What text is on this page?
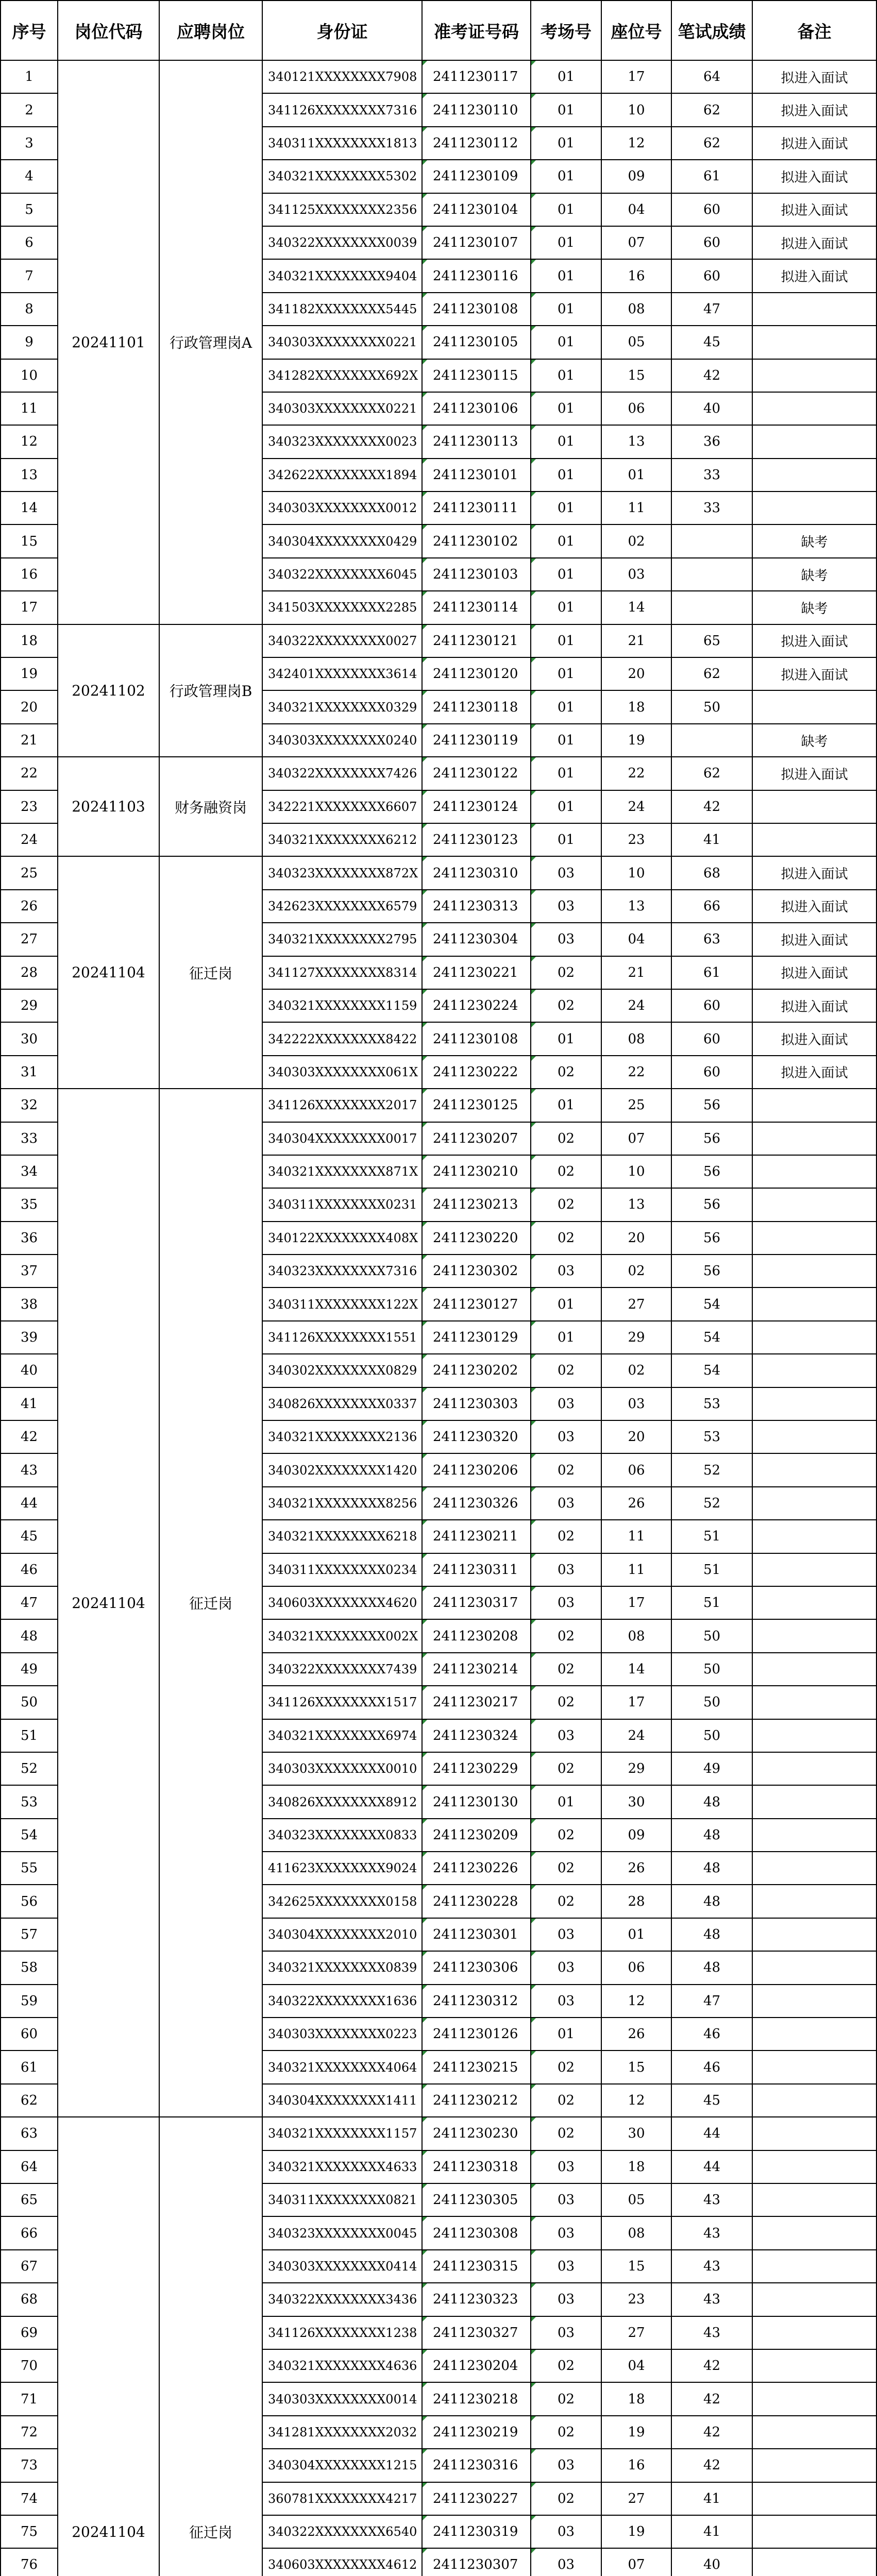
序号	岗位代码	应聘岗位	身份证	准考证号码	考场号	座位号	笔试成绩	备注
1	20241101	行政管理岗A	340121XXXXXXXX7908	2411230117	01	17	64	拟进入面试
2			341126XXXXXXXX7316	2411230110	01	10	62	拟进入面试
3			340311XXXXXXXX1813	2411230112	01	12	62	拟进入面试
4			340321XXXXXXXX5302	2411230109	01	09	61	拟进入面试
5			341125XXXXXXXX2356	2411230104	01	04	60	拟进入面试
6			340322XXXXXXXX0039	2411230107	01	07	60	拟进入面试
7			340321XXXXXXXX9404	2411230116	01	16	60	拟进入面试
8			341182XXXXXXXX5445	2411230108	01	08	47	
9			340303XXXXXXXX0221	2411230105	01	05	45	
10			341282XXXXXXXX692X	2411230115	01	15	42	
11			340303XXXXXXXX0221	2411230106	01	06	40	
12			340323XXXXXXXX0023	2411230113	01	13	36	
13			342622XXXXXXXX1894	2411230101	01	01	33	
14			340303XXXXXXXX0012	2411230111	01	11	33	
15			340304XXXXXXXX0429	2411230102	01	02		缺考
16			340322XXXXXXXX6045	2411230103	01	03		缺考
17			341503XXXXXXXX2285	2411230114	01	14		缺考
18	20241102	行政管理岗B	340322XXXXXXXX0027	2411230121	01	21	65	拟进入面试
19			342401XXXXXXXX3614	2411230120	01	20	62	拟进入面试
20			340321XXXXXXXX0329	2411230118	01	18	50	
21			340303XXXXXXXX0240	2411230119	01	19		缺考
22	20241103	财务融资岗	340322XXXXXXXX7426	2411230122	01	22	62	拟进入面试
23			342221XXXXXXXX6607	2411230124	01	24	42	
24			340321XXXXXXXX6212	2411230123	01	23	41	
25	20241104	征迁岗	340323XXXXXXXX872X	2411230310	03	10	68	拟进入面试
26			342623XXXXXXXX6579	2411230313	03	13	66	拟进入面试
27			340321XXXXXXXX2795	2411230304	03	04	63	拟进入面试
28			341127XXXXXXXX8314	2411230221	02	21	61	拟进入面试
29			340321XXXXXXXX1159	2411230224	02	24	60	拟进入面试
30			342222XXXXXXXX8422	2411230108	01	08	60	拟进入面试
31			340303XXXXXXXX061X	2411230222	02	22	60	拟进入面试
32	20241104	征迁岗	341126XXXXXXXX2017	2411230125	01	25	56	
33			340304XXXXXXXX0017	2411230207	02	07	56	
34			340321XXXXXXXX871X	2411230210	02	10	56	
35			340311XXXXXXXX0231	2411230213	02	13	56	
36			340122XXXXXXXX408X	2411230220	02	20	56	
37			340323XXXXXXXX7316	2411230302	03	02	56	
38			340311XXXXXXXX122X	2411230127	01	27	54	
39			341126XXXXXXXX1551	2411230129	01	29	54	
40			340302XXXXXXXX0829	2411230202	02	02	54	
41			340826XXXXXXXX0337	2411230303	03	03	53	
42			340321XXXXXXXX2136	2411230320	03	20	53	
43			340302XXXXXXXX1420	2411230206	02	06	52	
44			340321XXXXXXXX8256	2411230326	03	26	52	
45			340321XXXXXXXX6218	2411230211	02	11	51	
46			340311XXXXXXXX0234	2411230311	03	11	51	
47			340603XXXXXXXX4620	2411230317	03	17	51	
48			340321XXXXXXXX002X	2411230208	02	08	50	
49			340322XXXXXXXX7439	2411230214	02	14	50	
50			341126XXXXXXXX1517	2411230217	02	17	50	
51			340321XXXXXXXX6974	2411230324	03	24	50	
52			340303XXXXXXXX0010	2411230229	02	29	49	
53			340826XXXXXXXX8912	2411230130	01	30	48	
54			340323XXXXXXXX0833	2411230209	02	09	48	
55			411623XXXXXXXX9024	2411230226	02	26	48	
56			342625XXXXXXXX0158	2411230228	02	28	48	
57			340304XXXXXXXX2010	2411230301	03	01	48	
58			340321XXXXXXXX0839	2411230306	03	06	48	
59			340322XXXXXXXX1636	2411230312	03	12	47	
60			340303XXXXXXXX0223	2411230126	01	26	46	
61			340321XXXXXXXX4064	2411230215	02	15	46	
62			340304XXXXXXXX1411	2411230212	02	12	45	
63	20241104	征迁岗	340321XXXXXXXX1157	2411230230	02	30	44	
64			340321XXXXXXXX4633	2411230318	03	18	44	
65			340311XXXXXXXX0821	2411230305	03	05	43	
66			340323XXXXXXXX0045	2411230308	03	08	43	
67			340303XXXXXXXX0414	2411230315	03	15	43	
68			340322XXXXXXXX3436	2411230323	03	23	43	
69			341126XXXXXXXX1238	2411230327	03	27	43	
70			340321XXXXXXXX4636	2411230204	02	04	42	
71			340303XXXXXXXX0014	2411230218	02	18	42	
72			341281XXXXXXXX2032	2411230219	02	19	42	
73			340304XXXXXXXX1215	2411230316	03	16	42	
74			360781XXXXXXXX4217	2411230227	02	27	41	
75			340322XXXXXXXX6540	2411230319	03	19	41	
76			340603XXXXXXXX4612	2411230307	03	07	40	
